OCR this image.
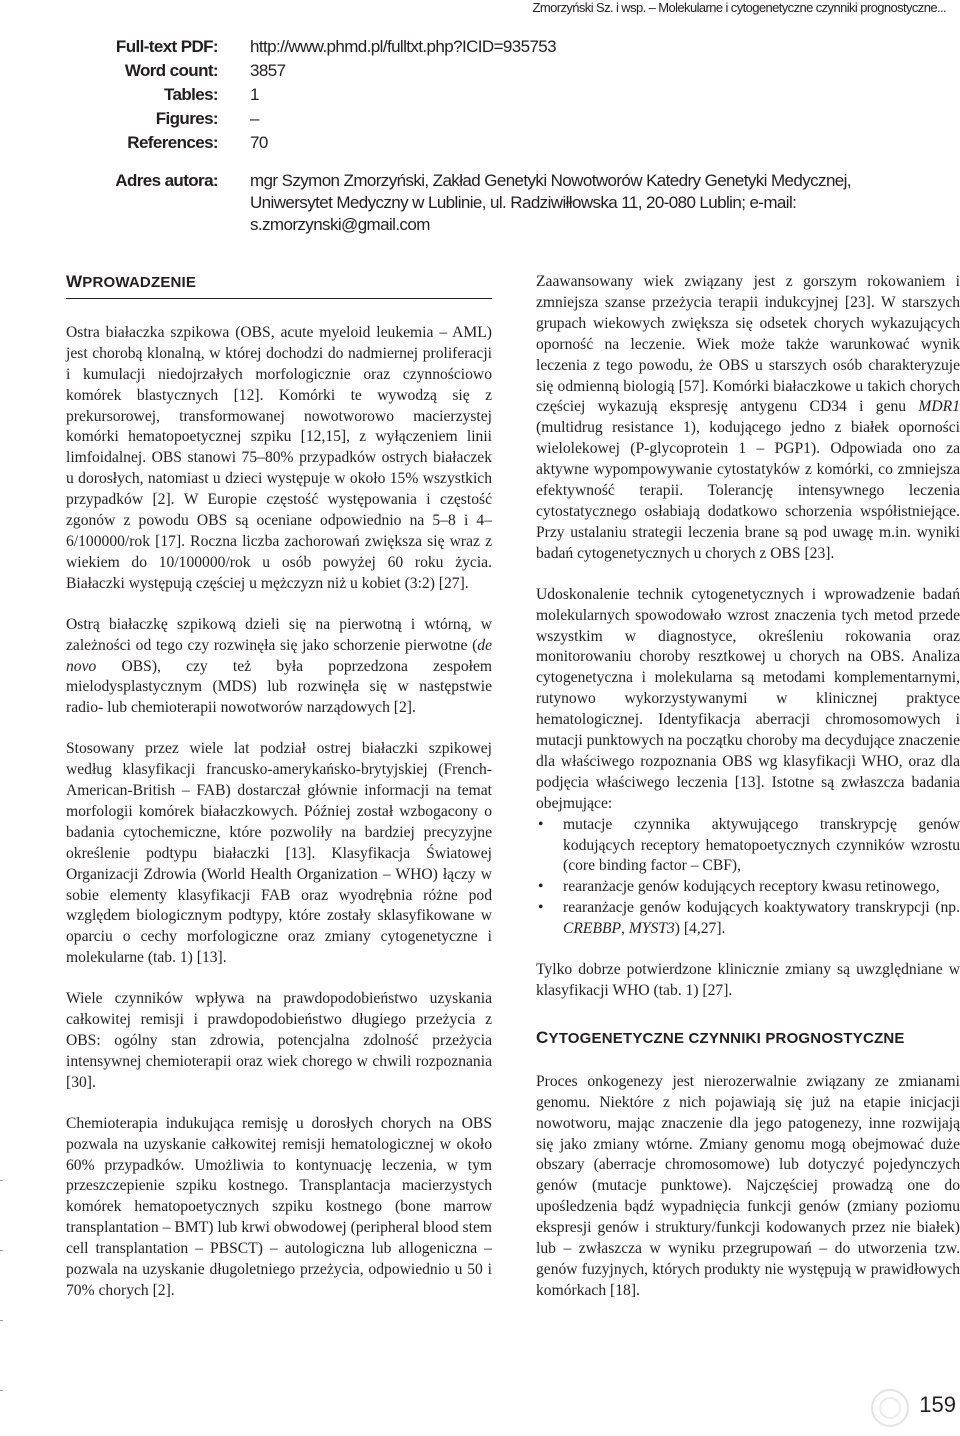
Zmorzyński Sz. i wsp. – Molekularne i cytogenetyczne czynniki prognostyczne...
Full-text PDF: http://www.phmd.pl/fulltxt.php?ICID=935753
Word count: 3857
Tables: 1
Figures: –
References: 70
Adres autora: mgr Szymon Zmorzyński, Zakład Genetyki Nowotworów Katedry Genetyki Medycznej, Uniwersytet Medyczny w Lublinie, ul. Radziwiłłowska 11, 20-080 Lublin; e-mail: s.zmorzynski@gmail.com
WPROWADZENIE

Ostra białaczka szpikowa (OBS, acute myeloid leukemia – AML) jest chorobą klonalną, w której dochodzi do nadmiernej proliferacji i kumulacji niedojrzałych morfologicznie oraz czynnościowo komórek blastycznych [12]. Komórki te wywodzą się z prekursorowej, transformowanej nowotworowo macierzystej komórki hematopoetycznej szpiku [12,15], z wyłączeniem linii limfoidalnej. OBS stanowi 75–80% przypadków ostrych białaczek u dorosłych, natomiast u dzieci występuje w około 15% wszystkich przypadków [2]. W Europie częstość występowania i częstość zgonów z powodu OBS są oceniane odpowiednio na 5–8 i 4–6/100000/rok [17]. Roczna liczba zachorowań zwiększa się wraz z wiekiem do 10/100000/rok u osób powyżej 60 roku życia. Białaczki występują częściej u mężczyzn niż u kobiet (3:2) [27].

Ostrą białaczkę szpikową dzieli się na pierwotną i wtórną, w zależności od tego czy rozwinęła się jako schorzenie pierwotne (de novo OBS), czy też była poprzedzona zespołem mielodysplastycznym (MDS) lub rozwinęła się w następstwie radio- lub chemioterapii nowotworów narządowych [2].

Stosowany przez wiele lat podział ostrej białaczki szpikowej według klasyfikacji francusko-amerykańsko-brytyjskiej (French-American-British – FAB) dostarczał głównie informacji na temat morfologii komórek białaczkowych. Później został wzbogacony o badania cytochemiczne, które pozwoliły na bardziej precyzyjne określenie podtypu białaczki [13]. Klasyfikacja Światowej Organizacji Zdrowia (World Health Organization – WHO) łączy w sobie elementy klasyfikacji FAB oraz wyodrębnia różne pod względem biologicznym podtypy, które zostały sklasyfikowane w oparciu o cechy morfologiczne oraz zmiany cytogenetyczne i molekularne (tab. 1) [13].

Wiele czynników wpływa na prawdopodobieństwo uzyskania całkowitej remisji i prawdopodobieństwo długiego przeżycia z OBS: ogólny stan zdrowia, potencjalna zdolność przeżycia intensywnej chemioterapii oraz wiek chorego w chwili rozpoznania [30].

Chemioterapia indukująca remisję u dorosłych chorych na OBS pozwala na uzyskanie całkowitej remisji hematologicznej w około 60% przypadków. Umożliwia to kontynuację leczenia, w tym przeszczepienie szpiku kostnego. Transplantacja macierzystych komórek hematopoetycznych szpiku kostnego (bone marrow transplantation – BMT) lub krwi obwodowej (peripheral blood stem cell transplantation – PBSCT) – autologiczna lub allogeniczna – pozwala na uzyskanie długoletniego przeżycia, odpowiednio u 50 i 70% chorych [2].

Zaawansowany wiek związany jest z gorszym rokowaniem i zmniejsza szanse przeżycia terapii indukcyjnej [23]. W starszych grupach wiekowych zwiększa się odsetek chorych wykazujących oporność na leczenie. Wiek może także warunkować wynik leczenia z tego powodu, że OBS u starszych osób charakteryzuje się odmienną biologią [57]. Komórki białaczkowe u takich chorych częściej wykazują ekspresję antygenu CD34 i genu MDR1 (multidrug resistance 1), kodującego jedno z białek oporności wielolekowej (P-glycoprotein 1 – PGP1). Odpowiada ono za aktywne wypompowywanie cytostatyków z komórki, co zmniejsza efektywność terapii. Tolerancję intensywnego leczenia cytostatycznego osłabiają dodatkowo schorzenia współistniejące. Przy ustalaniu strategii leczenia brane są pod uwagę m.in. wyniki badań cytogenetycznych u chorych z OBS [23].

Udoskonalenie technik cytogenetycznych i wprowadzenie badań molekularnych spowodowało wzrost znaczenia tych metod przede wszystkim w diagnostyce, określeniu rokowania oraz monitorowaniu choroby resztkowej u chorych na OBS. Analiza cytogenetyczna i molekularna są metodami komplementarnymi, rutynowo wykorzystywanymi w klinicznej praktyce hematologicznej. Identyfikacja aberracji chromosomowych i mutacji punktowych na początku choroby ma decydujące znaczenie dla właściwego rozpoznania OBS wg klasyfikacji WHO, oraz dla podjęcia właściwego leczenia [13]. Istotne są zwłaszcza badania obejmujące:

• mutacje czynnika aktywującego transkrypcję genów kodujących receptory hematopoetycznych czynników wzrostu (core binding factor – CBF),
• rearanżacje genów kodujących receptory kwasu retinowego,
• rearanżacje genów kodujących koaktywatory transkrypcji (np. CREBBP, MYST3) [4,27].

Tylko dobrze potwierdzone klinicznie zmiany są uwzględniane w klasyfikacji WHO (tab. 1) [27].

CYTOGENETYCZNE CZYNNIKI PROGNOSTYCZNE

Proces onkogenezy jest nierozerwalnie związany ze zmianami genomu. Niektóre z nich pojawiają się już na etapie inicjacji nowotworu, mając znaczenie dla jego patogenezy, inne rozwijają się jako zmiany wtórne. Zmiany genomu mogą obejmować duże obszary (aberracje chromosomowe) lub dotyczyć pojedynczych genów (mutacje punktowe). Najczęściej prowadzą one do upośledzenia bądź wypadnięcia funkcji genów (zmiany poziomu ekspresji genów i struktury/funkcji kodowanych przez nie białek) lub – zwłaszcza w wyniku przegrupowań – do utworzenia tzw. genów fuzyjnych, których produkty nie występują w prawidłowych komórkach [18].

159
